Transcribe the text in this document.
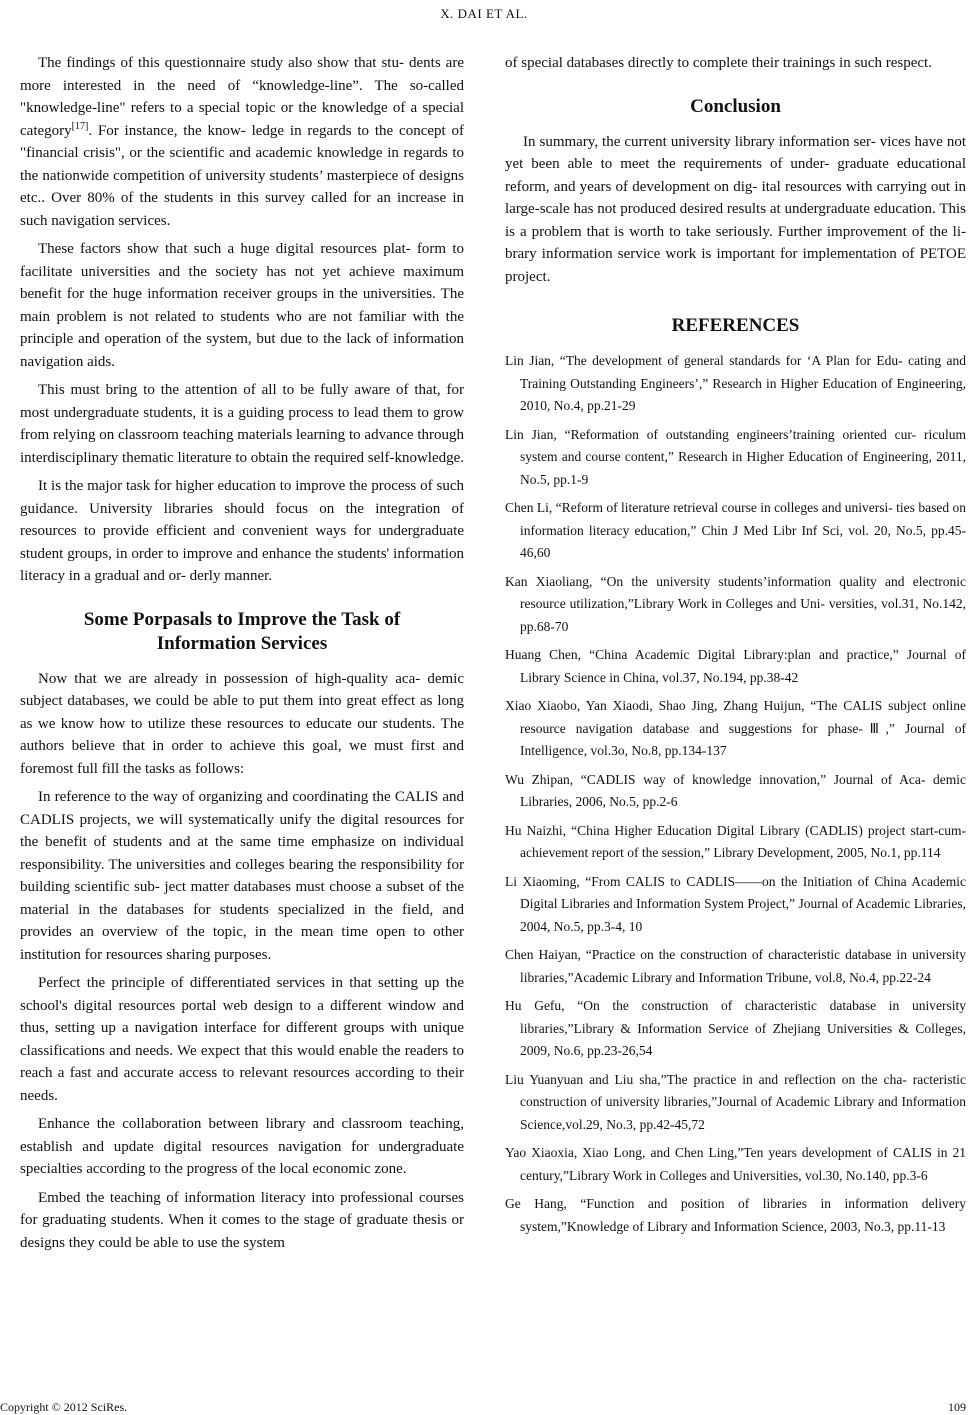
X. DAI ET AL.

The findings of this questionnaire study also show that stu- dents are more interested in the need of “knowledge-line”. The so-called "knowledge-line" refers to a special topic or the knowledge of a special category[17]. For instance, the know- ledge in regards to the concept of "financial crisis", or the scientific and academic knowledge in regards to the nationwide competition of university students’ masterpiece of designs etc.. Over 80% of the students in this survey called for an increase in such navigation services.

These factors show that such a huge digital resources plat- form to facilitate universities and the society has not yet achieve maximum benefit for the huge information receiver groups in the universities. The main problem is not related to students who are not familiar with the principle and operation of the system, but due to the lack of information navigation aids.

This must bring to the attention of all to be fully aware of that, for most undergraduate students, it is a guiding process to lead them to grow from relying on classroom teaching materials learning to advance through interdisciplinary thematic literature to obtain the required self-knowledge.

It is the major task for higher education to improve the process of such guidance. University libraries should focus on the integration of resources to provide efficient and convenient ways for undergraduate student groups, in order to improve and enhance the students' information literacy in a gradual and or- derly manner.

Some Porpasals to Improve the Task of
Information Services

Now that we are already in possession of high-quality aca- demic subject databases, we could be able to put them into great effect as long as we know how to utilize these resources to educate our students. The authors believe that in order to achieve this goal, we must first and foremost full fill the tasks as follows:

In reference to the way of organizing and coordinating the CALIS and CADLIS projects, we will systematically unify the digital resources for the benefit of students and at the same time emphasize on individual responsibility. The universities and colleges bearing the responsibility for building scientific sub- ject matter databases must choose a subset of the material in the databases for students specialized in the field, and provides an overview of the topic, in the mean time open to other institution for resources sharing purposes.

Perfect the principle of differentiated services in that setting up the school's digital resources portal web design to a different window and thus, setting up a navigation interface for different groups with unique classifications and needs. We expect that this would enable the readers to reach a fast and accurate access to relevant resources according to their needs.

Enhance the collaboration between library and classroom teaching, establish and update digital resources navigation for undergraduate specialties according to the progress of the local economic zone.

Embed the teaching of information literacy into professional courses for graduating students. When it comes to the stage of graduate thesis or designs they could be able to use the system

of special databases directly to complete their trainings in such respect.

Conclusion

In summary, the current university library information ser- vices have not yet been able to meet the requirements of under- graduate educational reform, and years of development on dig- ital resources with carrying out in large-scale has not produced desired results at undergraduate education. This is a problem that is worth to take seriously. Further improvement of the li- brary information service work is important for implementation of PETOE project.

REFERENCES
Lin Jian, “The development of general standards for ‘A Plan for Edu- cating and Training Outstanding Engineers’,” Research in Higher Education of Engineering, 2010, No.4, pp.21-29
Lin Jian, “Reformation of outstanding engineers’training oriented cur- riculum system and course content,” Research in Higher Education of Engineering, 2011, No.5, pp.1-9
Chen Li, “Reform of literature retrieval course in colleges and universi- ties based on information literacy education,” Chin J Med Libr Inf Sci, vol. 20, No.5, pp.45-46,60
Kan Xiaoliang, “On the university students’information quality and electronic resource utilization,”Library Work in Colleges and Uni- versities, vol.31, No.142, pp.68-70
Huang Chen, “China Academic Digital Library:plan and practice,” Journal of Library Science in China, vol.37, No.194, pp.38-42
Xiao Xiaobo, Yan Xiaodi, Shao Jing, Zhang Huijun, “The CALIS subject online resource navigation database and suggestions for phase-Ⅲ,” Journal of Intelligence, vol.3o, No.8, pp.134-137
Wu Zhipan, “CADLIS way of knowledge innovation,” Journal of Aca- demic Libraries, 2006, No.5, pp.2-6
Hu Naizhi, “China Higher Education Digital Library (CADLIS) project start-cum-achievement report of the session,” Library Development, 2005, No.1, pp.114
Li Xiaoming, “From CALIS to CADLIS——on the Initiation of China Academic Digital Libraries and Information System Project,” Journal of Academic Libraries, 2004, No.5, pp.3-4, 10
Chen Haiyan, “Practice on the construction of characteristic database in university libraries,”Academic Library and Information Tribune, vol.8, No.4, pp.22-24
Hu Gefu, “On the construction of characteristic database in university libraries,”Library & Information Service of Zhejiang Universities & Colleges, 2009, No.6, pp.23-26,54
Liu Yuanyuan and Liu sha,”The practice in and reflection on the cha- racteristic construction of university libraries,”Journal of Academic Library and Information Science,vol.29, No.3, pp.42-45,72
Yao Xiaoxia, Xiao Long, and Chen Ling,”Ten years development of CALIS in 21 century,”Library Work in Colleges and Universities, vol.30, No.140, pp.3-6
Ge Hang, “Function and position of libraries in information delivery system,”Knowledge of Library and Information Science, 2003, No.3, pp.11-13
Copyright © 2012 SciRes.	109
